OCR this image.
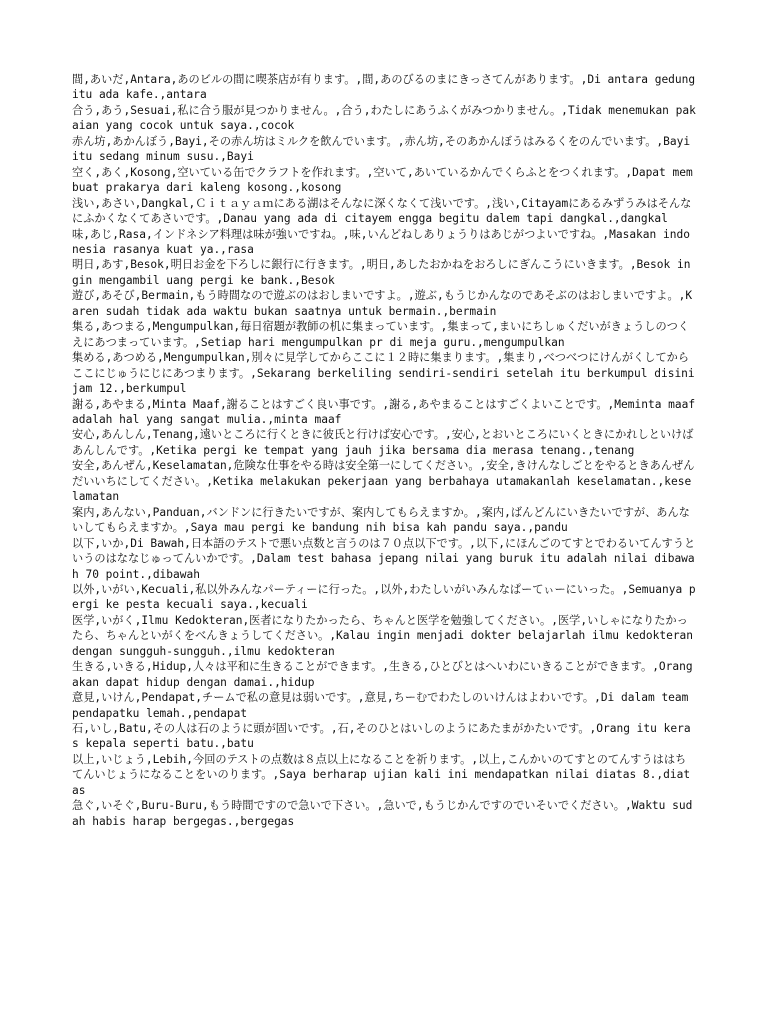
間,あいだ,Antara,あのビルの間に喫茶店が有ります。,間,あのびるのまにきっさてんがあります。,Di antara gedung itu ada kafe.,antara

合う,あう,Sesuai,私に合う服が見つかりません。,合う,わたしにあうふくがみつかりません。,Tidak menemukan pakaian yang cocok untuk saya.,cocok

赤ん坊,あかんぼう,Bayi,その赤ん坊はミルクを飲んでいます。,赤ん坊,そのあかんぼうはみるくをのんでいます。,Bayi itu sedang minum susu.,Bayi

空く,あく,Kosong,空いている缶でクラフトを作れます。,空いて,あいているかんでくらふとをつくれます。,Dapat membuat prakarya dari kaleng kosong.,kosong

浅い,あさい,Dangkal,Ｃｉｔａｙａｍにある湖はそんなに深くなくて浅いです。,浅い,Citayamにあるみずうみはそんなにふかくなくてあさいです。,Danau yang ada di citayem engga begitu dalem tapi dangkal.,dangkal

味,あじ,Rasa,インドネシア料理は味が強いですね。,味,いんどねしありょうりはあじがつよいですね。,Masakan indonesia rasanya kuat ya.,rasa

明日,あす,Besok,明日お金を下ろしに銀行に行きます。,明日,あしたおかねをおろしにぎんこうにいきます。,Besok ingin mengambil uang pergi ke bank.,Besok

遊び,あそび,Bermain,もう時間なので遊ぶのはおしまいですよ。,遊ぶ,もうじかんなのであそぶのはおしまいですよ。,Karen sudah tidak ada waktu bukan saatnya untuk bermain.,bermain

集る,あつまる,Mengumpulkan,毎日宿題が教師の机に集まっています。,集まって,まいにちしゅくだいがきょうしのつくえにあつまっています。,Setiap hari mengumpulkan pr di meja guru.,mengumpulkan

集める,あつめる,Mengumpulkan,別々に見学してからここに１２時に集まります。,集まり,べつべつにけんがくしてからここにじゅうにじにあつまります。,Sekarang berkeliling sendiri-sendiri setelah itu berkumpul disini jam 12.,berkumpul

謝る,あやまる,Minta Maaf,謝ることはすごく良い事です。,謝る,あやまることはすごくよいことです。,Meminta maaf adalah hal yang sangat mulia.,minta maaf

安心,あんしん,Tenang,遠いところに行くときに彼氏と行けば安心です。,安心,とおいところにいくときにかれしといけばあんしんです。,Ketika pergi ke tempat yang jauh jika bersama dia merasa tenang.,tenang

安全,あんぜん,Keselamatan,危険な仕事をやる時は安全第一にしてください。,安全,きけんなしごとをやるときあんぜんだいいちにしてください。,Ketika melakukan pekerjaan yang berbahaya utamakanlah keselamatan.,keselamatan

案内,あんない,Panduan,バンドンに行きたいですが、案内してもらえますか。,案内,ばんどんにいきたいですが、あんないしてもらえますか。,Saya mau pergi ke bandung nih bisa kah pandu saya.,pandu

以下,いか,Di Bawah,日本語のテストで悪い点数と言うのは７０点以下です。,以下,にほんごのてすとでわるいてんすうというのはななじゅってんいかです。,Dalam test bahasa jepang nilai yang buruk itu adalah nilai dibawah 70 point.,dibawah

以外,いがい,Kecuali,私以外みんなパーティーに行った。,以外,わたしいがいみんなぱーてぃーにいった。,Semuanya pergi ke pesta kecuali saya.,kecuali

医学,いがく,Ilmu Kedokteran,医者になりたかったら、ちゃんと医学を勉強してください。,医学,いしゃになりたかったら、ちゃんといがくをべんきょうしてください。,Kalau ingin menjadi dokter belajarlah ilmu kedokteran dengan sungguh-sungguh.,ilmu kedokteran

生きる,いきる,Hidup,人々は平和に生きることができます。,生きる,ひとびとはへいわにいきることができます。,Orang akan dapat hidup dengan damai.,hidup

意見,いけん,Pendapat,チームで私の意見は弱いです。,意見,ちーむでわたしのいけんはよわいです。,Di dalam team pendapatku lemah.,pendapat

石,いし,Batu,その人は石のように頭が固いです。,石,そのひとはいしのようにあたまがかたいです。,Orang itu keras kepala seperti batu.,batu

以上,いじょう,Lebih,今回のテストの点数は８点以上になることを祈ります。,以上,こんかいのてすとのてんすうははちてんいじょうになることをいのります。,Saya berharap ujian kali ini mendapatkan nilai diatas 8.,diatas

急ぐ,いそぐ,Buru-Buru,もう時間ですので急いで下さい。,急いで,もうじかんですのでいそいでください。,Waktu sudah habis harap bergegas.,bergegas
